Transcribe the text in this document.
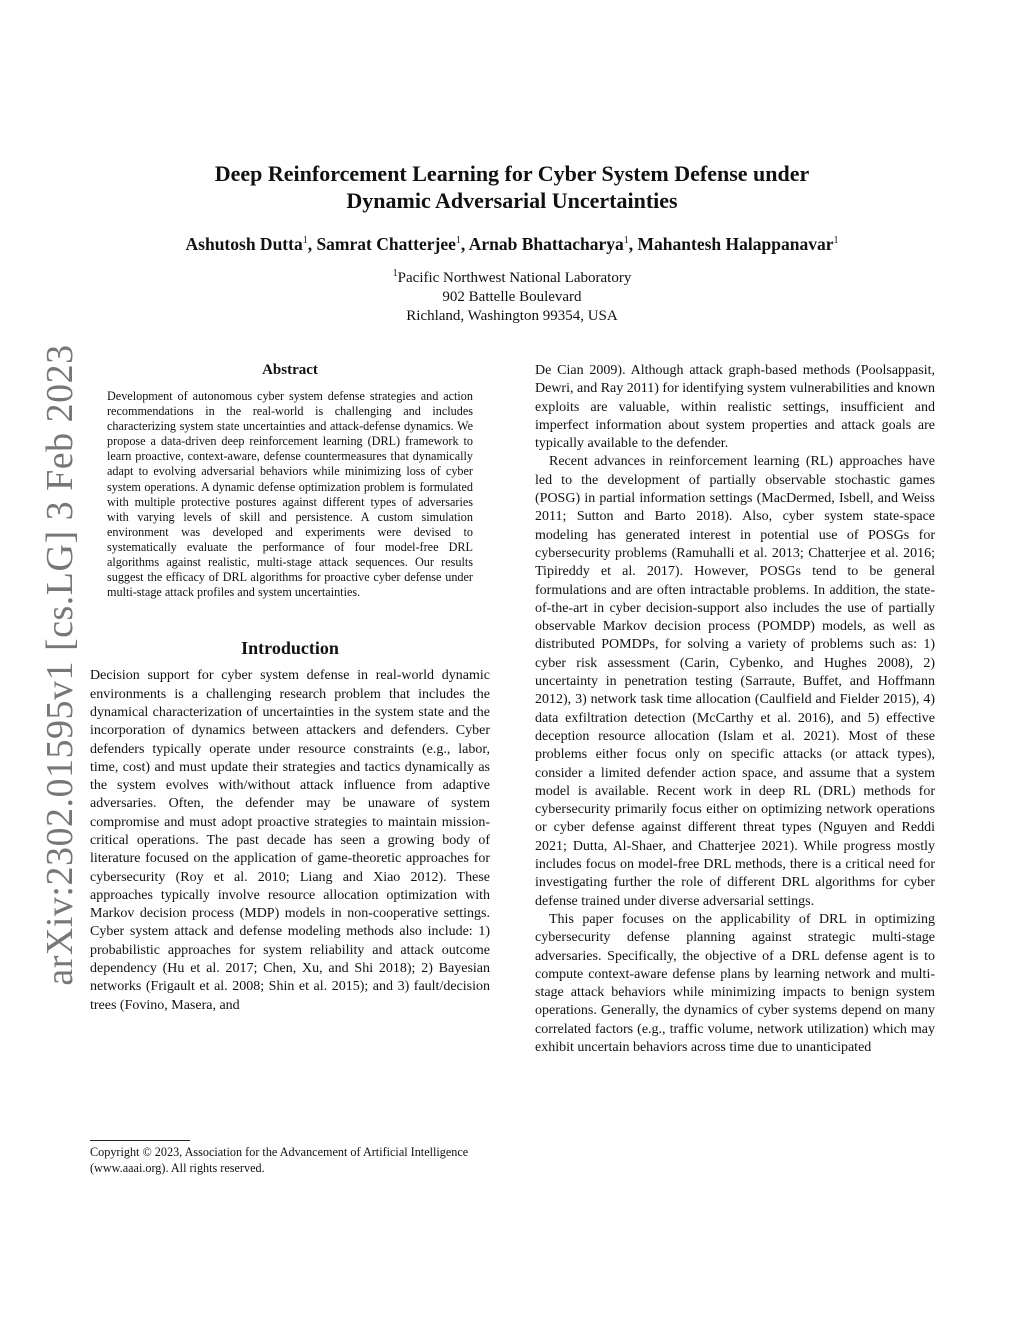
arXiv:2302.01595v1 [cs.LG] 3 Feb 2023
Deep Reinforcement Learning for Cyber System Defense under
Dynamic Adversarial Uncertainties
Ashutosh Dutta$^1$, Samrat Chatterjee$^1$, Arnab Bhattacharya$^1$, Mahantesh Halappanavar$^1$
$^1$Pacific Northwest National Laboratory
902 Battelle Boulevard
Richland, Washington 99354, USA
Abstract

Development of autonomous cyber system defense strategies and action recommendations in the real-world is challenging and includes characterizing system state uncertainties and attack-defense dynamics. We propose a data-driven deep reinforcement learning (DRL) framework to learn proactive, context-aware, defense countermeasures that dynamically adapt to evolving adversarial behaviors while minimizing loss of cyber system operations. A dynamic defense optimization problem is formulated with multiple protective postures against different types of adversaries with varying levels of skill and persistence. A custom simulation environment was developed and experiments were devised to systematically evaluate the performance of four model-free DRL algorithms against realistic, multi-stage attack sequences. Our results suggest the efficacy of DRL algorithms for proactive cyber defense under multi-stage attack profiles and system uncertainties.

Introduction

Decision support for cyber system defense in real-world dynamic environments is a challenging research problem that includes the dynamical characterization of uncertainties in the system state and the incorporation of dynamics between attackers and defenders. Cyber defenders typically operate under resource constraints (e.g., labor, time, cost) and must update their strategies and tactics dynamically as the system evolves with/without attack influence from adaptive adversaries. Often, the defender may be unaware of system compromise and must adopt proactive strategies to maintain mission-critical operations. The past decade has seen a growing body of literature focused on the application of game-theoretic approaches for cybersecurity (Roy et al. 2010; Liang and Xiao 2012). These approaches typically involve resource allocation optimization with Markov decision process (MDP) models in non-cooperative settings. Cyber system attack and defense modeling methods also include: 1) probabilistic approaches for system reliability and attack outcome dependency (Hu et al. 2017; Chen, Xu, and Shi 2018); 2) Bayesian networks (Frigault et al. 2008; Shin et al. 2015); and 3) fault/decision trees (Fovino, Masera, and

Copyright © 2023, Association for the Advancement of Artificial Intelligence (www.aaai.org). All rights reserved.

De Cian 2009). Although attack graph-based methods (Poolsappasit, Dewri, and Ray 2011) for identifying system vulnerabilities and known exploits are valuable, within realistic settings, insufficient and imperfect information about system properties and attack goals are typically available to the defender.

Recent advances in reinforcement learning (RL) approaches have led to the development of partially observable stochastic games (POSG) in partial information settings (MacDermed, Isbell, and Weiss 2011; Sutton and Barto 2018). Also, cyber system state-space modeling has generated interest in potential use of POSGs for cybersecurity problems (Ramuhalli et al. 2013; Chatterjee et al. 2016; Tipireddy et al. 2017). However, POSGs tend to be general formulations and are often intractable problems. In addition, the state-of-the-art in cyber decision-support also includes the use of partially observable Markov decision process (POMDP) models, as well as distributed POMDPs, for solving a variety of problems such as: 1) cyber risk assessment (Carin, Cybenko, and Hughes 2008), 2) uncertainty in penetration testing (Sarraute, Buffet, and Hoffmann 2012), 3) network task time allocation (Caulfield and Fielder 2015), 4) data exfiltration detection (McCarthy et al. 2016), and 5) effective deception resource allocation (Islam et al. 2021). Most of these problems either focus only on specific attacks (or attack types), consider a limited defender action space, and assume that a system model is available. Recent work in deep RL (DRL) methods for cybersecurity primarily focus either on optimizing network operations or cyber defense against different threat types (Nguyen and Reddi 2021; Dutta, Al-Shaer, and Chatterjee 2021). While progress mostly includes focus on model-free DRL methods, there is a critical need for investigating further the role of different DRL algorithms for cyber defense trained under diverse adversarial settings.

This paper focuses on the applicability of DRL in optimizing cybersecurity defense planning against strategic multi-stage adversaries. Specifically, the objective of a DRL defense agent is to compute context-aware defense plans by learning network and multi-stage attack behaviors while minimizing impacts to benign system operations. Generally, the dynamics of cyber systems depend on many correlated factors (e.g., traffic volume, network utilization) which may exhibit uncertain behaviors across time due to unanticipated
